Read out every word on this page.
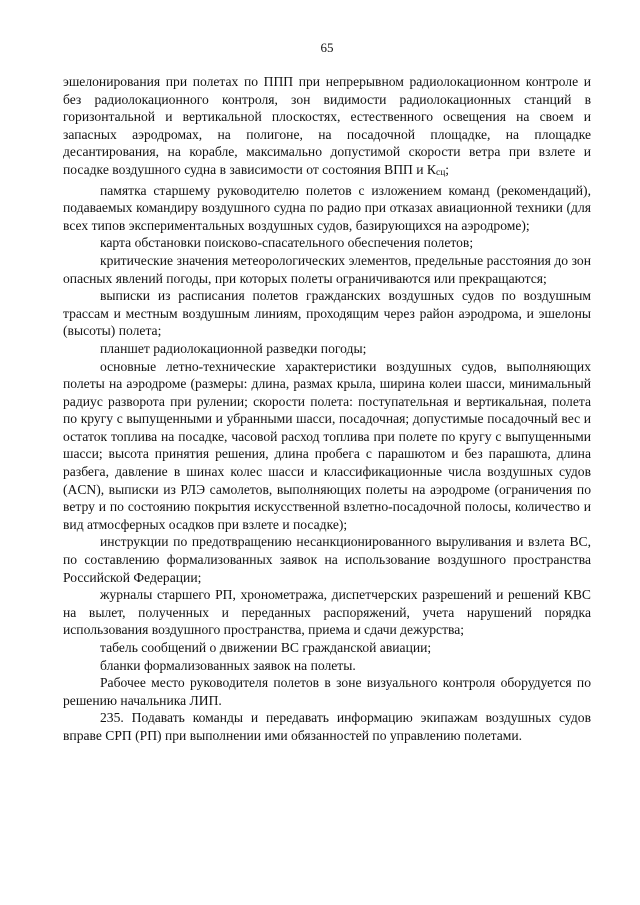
65

эшелонирования при полетах по ППП при непрерывном радиолокационном контроле и без радиолокационного контроля, зон видимости радиолокационных станций в горизонтальной и вертикальной плоскостях, естественного освещения на своем и запасных аэродромах, на полигоне, на посадочной площадке, на площадке десантирования, на корабле, максимально допустимой скорости ветра при взлете и посадке воздушного судна в зависимости от состояния ВПП и Ксц;

памятка старшему руководителю полетов с изложением команд (рекомендаций), подаваемых командиру воздушного судна по радио при отказах авиационной техники (для всех типов экспериментальных воздушных судов, базирующихся на аэродроме);

карта обстановки поисково-спасательного обеспечения полетов;

критические значения метеорологических элементов, предельные расстояния до зон опасных явлений погоды, при которых полеты ограничиваются или прекращаются;

выписки из расписания полетов гражданских воздушных судов по воздушным трассам и местным воздушным линиям, проходящим через район аэродрома, и эшелоны (высоты) полета;

планшет радиолокационной разведки погоды;

основные летно-технические характеристики воздушных судов, выполняющих полеты на аэродроме (размеры: длина, размах крыла, ширина колеи шасси, минимальный радиус разворота при рулении; скорости полета: поступательная и вертикальная, полета по кругу с выпущенными и убранными шасси, посадочная; допустимые посадочный вес и остаток топлива на посадке, часовой расход топлива при полете по кругу с выпущенными шасси; высота принятия решения, длина пробега с парашютом и без парашюта, длина разбега, давление в шинах колес шасси и классификационные числа воздушных судов (ACN), выписки из РЛЭ самолетов, выполняющих полеты на аэродроме (ограничения по ветру и по состоянию покрытия искусственной взлетно-посадочной полосы, количество и вид атмосферных осадков при взлете и посадке);

инструкции по предотвращению несанкционированного выруливания и взлета ВС, по составлению формализованных заявок на использование воздушного пространства Российской Федерации;

журналы старшего РП, хронометража, диспетчерских разрешений и решений КВС на вылет, полученных и переданных распоряжений, учета нарушений порядка использования воздушного пространства, приема и сдачи дежурства;

табель сообщений о движении ВС гражданской авиации;

бланки формализованных заявок на полеты.

Рабочее место руководителя полетов в зоне визуального контроля оборудуется по решению начальника ЛИП.

235. Подавать команды и передавать информацию экипажам воздушных судов вправе СРП (РП) при выполнении ими обязанностей по управлению полетами.
